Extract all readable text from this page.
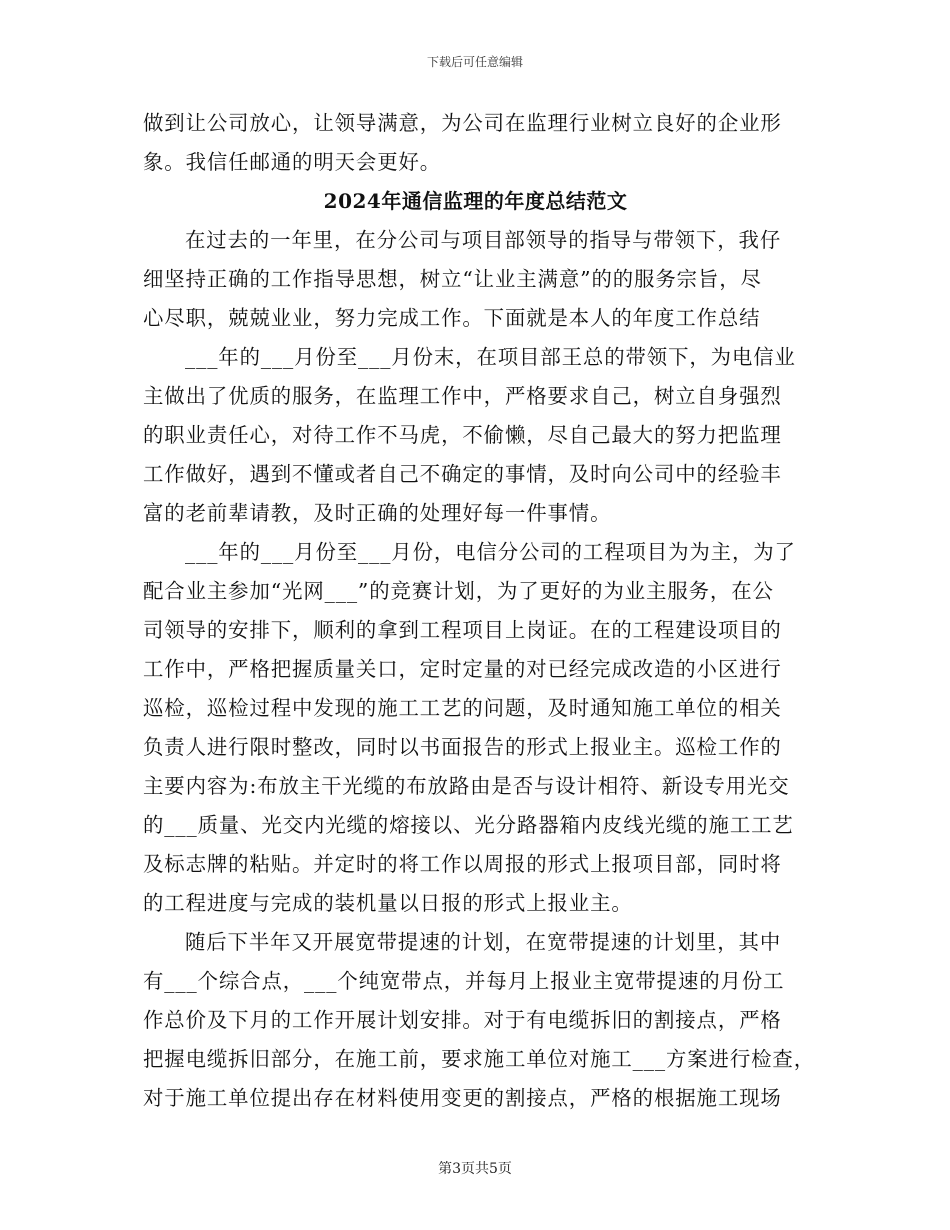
下载后可任意编辑
做到让公司放心，让领导满意，为公司在监理行业树立良好的企业形
象。我信任邮通的明天会更好。
2024年通信监理的年度总结范文
在过去的一年里，在分公司与项目部领导的指导与带领下，我仔
细坚持正确的工作指导思想，树立“让业主满意”的的服务宗旨，尽
心尽职，兢兢业业，努力完成工作。下面就是本人的年度工作总结
___年的___月份至___月份末，在项目部王总的带领下，为电信业
主做出了优质的服务，在监理工作中，严格要求自己，树立自身强烈
的职业责任心，对待工作不马虎，不偷懒，尽自己最大的努力把监理
工作做好，遇到不懂或者自己不确定的事情，及时向公司中的经验丰
富的老前辈请教，及时正确的处理好每一件事情。
___年的___月份至___月份，电信分公司的工程项目为为主，为了
配合业主参加“光网___”的竞赛计划，为了更好的为业主服务，在公
司领导的安排下，顺利的拿到工程项目上岗证。在的工程建设项目的
工作中，严格把握质量关口，定时定量的对已经完成改造的小区进行
巡检，巡检过程中发现的施工工艺的问题，及时通知施工单位的相关
负责人进行限时整改，同时以书面报告的形式上报业主。巡检工作的
主要内容为:布放主干光缆的布放路由是否与设计相符、新设专用光交
的___质量、光交内光缆的熔接以、光分路器箱内皮线光缆的施工工艺
及标志牌的粘贴。并定时的将工作以周报的形式上报项目部，同时将
的工程进度与完成的装机量以日报的形式上报业主。
随后下半年又开展宽带提速的计划，在宽带提速的计划里，其中
有___个综合点，___个纯宽带点，并每月上报业主宽带提速的月份工
作总价及下月的工作开展计划安排。对于有电缆拆旧的割接点，严格
把握电缆拆旧部分，在施工前，要求施工单位对施工___方案进行检查，
对于施工单位提出存在材料使用变更的割接点，严格的根据施工现场
第3页共5页
